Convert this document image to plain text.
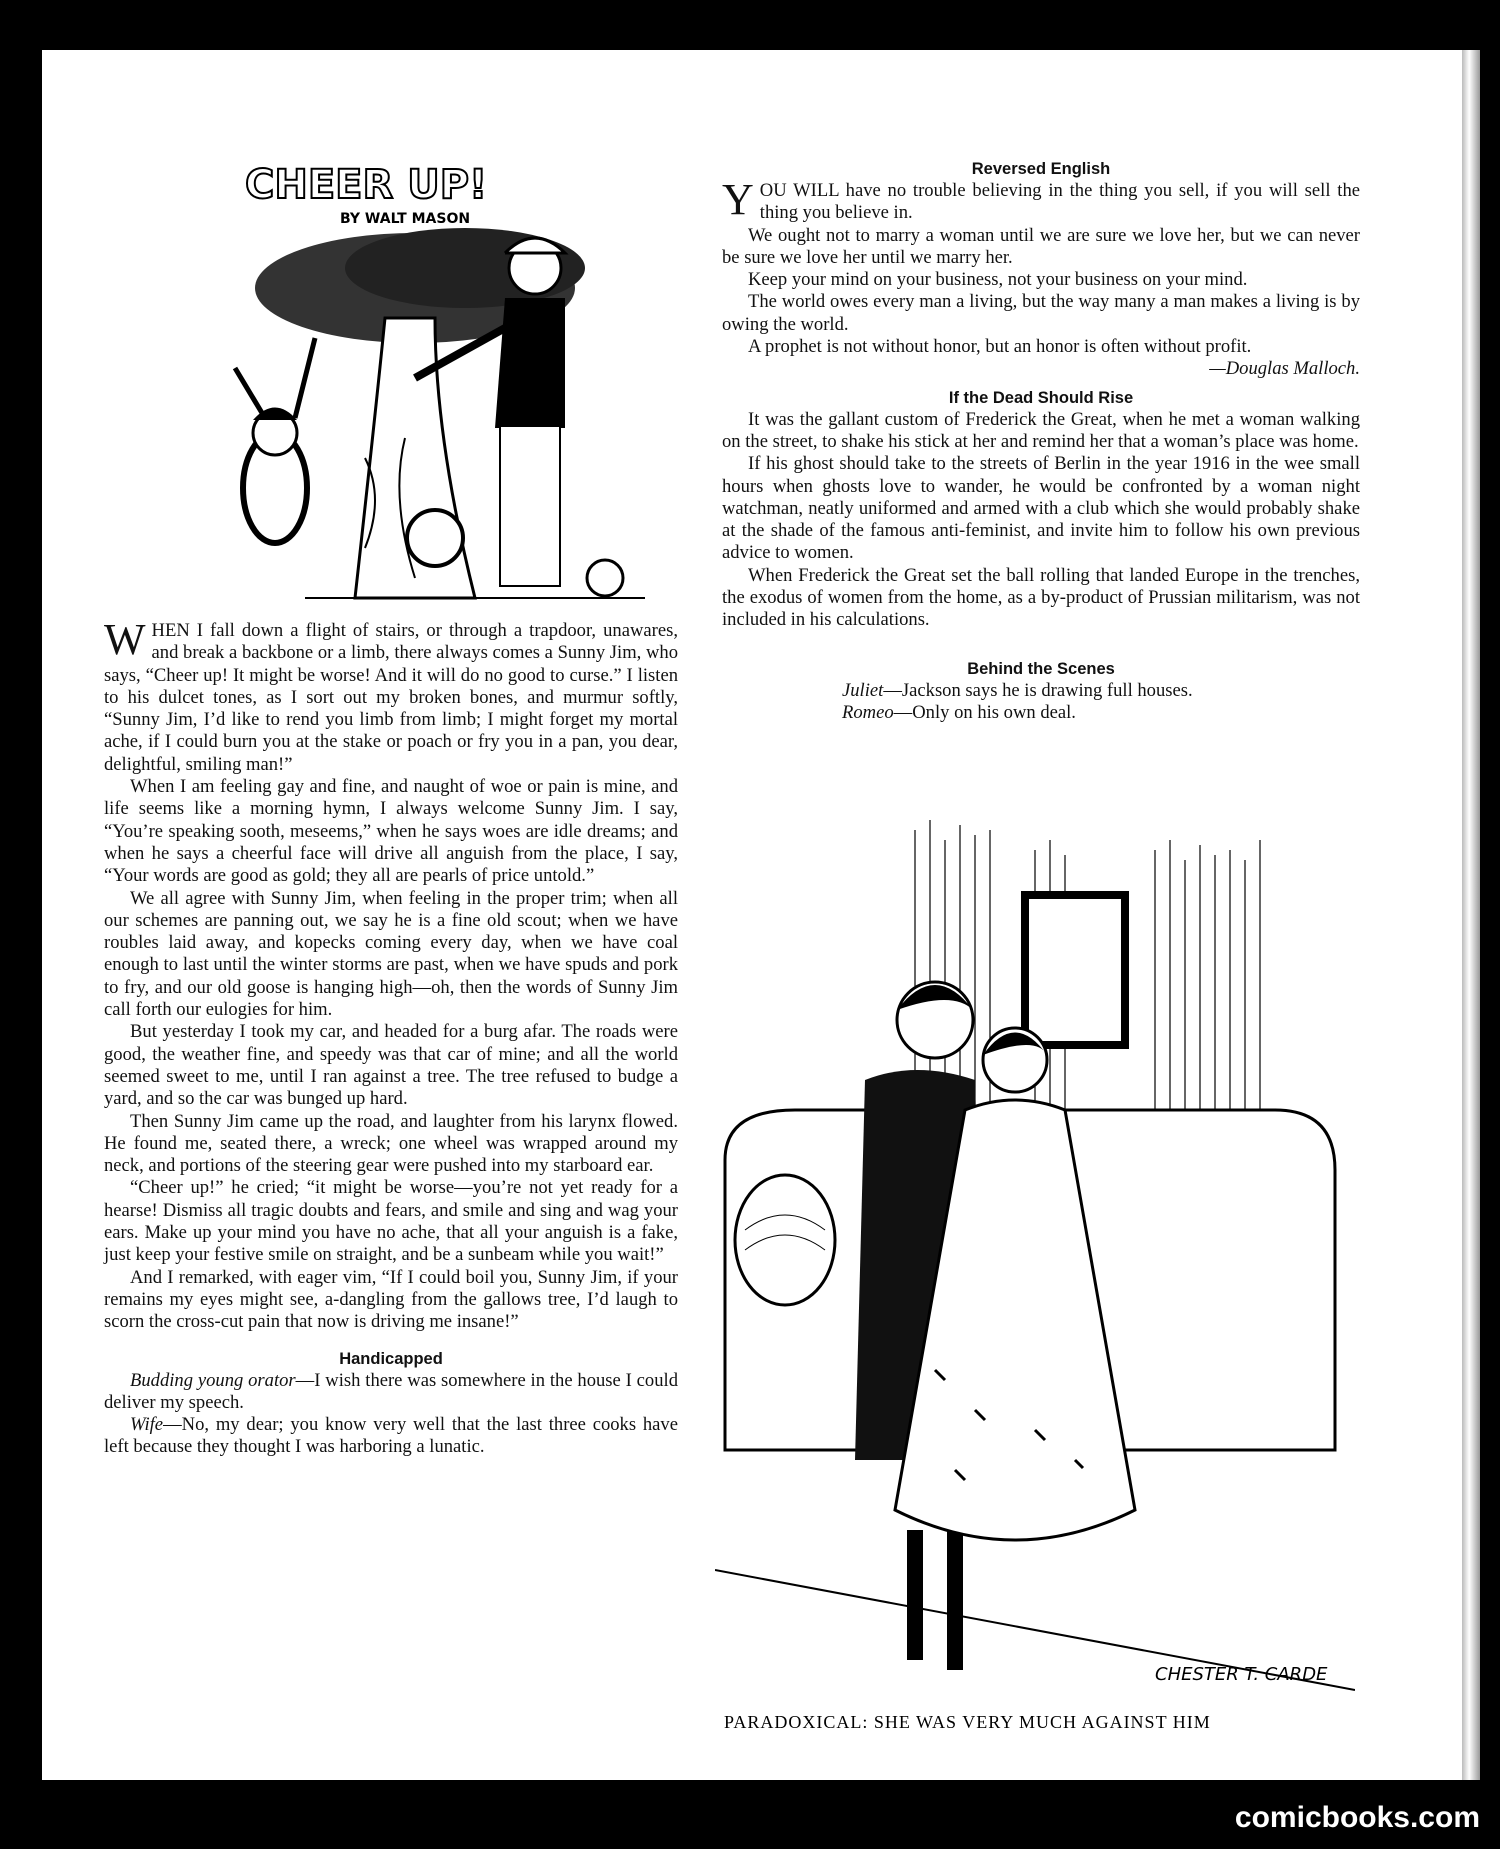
CHEER UP!
BY WALT MASON

WHEN I fall down a flight of stairs, or through a trapdoor, unawares, and break a backbone or a limb, there always comes a Sunny Jim, who says, “Cheer up! It might be worse! And it will do no good to curse.” I listen to his dulcet tones, as I sort out my broken bones, and murmur softly, “Sunny Jim, I’d like to rend you limb from limb; I might forget my mortal ache, if I could burn you at the stake or poach or fry you in a pan, you dear, delightful, smiling man!”

When I am feeling gay and fine, and naught of woe or pain is mine, and life seems like a morning hymn, I always welcome Sunny Jim. I say, “You’re speaking sooth, meseems,” when he says woes are idle dreams; and when he says a cheerful face will drive all anguish from the place, I say, “Your words are good as gold; they all are pearls of price untold.”

We all agree with Sunny Jim, when feeling in the proper trim; when all our schemes are panning out, we say he is a fine old scout; when we have roubles laid away, and kopecks coming every day, when we have coal enough to last until the winter storms are past, when we have spuds and pork to fry, and our old goose is hanging high—oh, then the words of Sunny Jim call forth our eulogies for him.

But yesterday I took my car, and headed for a burg afar. The roads were good, the weather fine, and speedy was that car of mine; and all the world seemed sweet to me, until I ran against a tree. The tree refused to budge a yard, and so the car was bunged up hard.

Then Sunny Jim came up the road, and laughter from his larynx flowed. He found me, seated there, a wreck; one wheel was wrapped around my neck, and portions of the steering gear were pushed into my starboard ear.

“Cheer up!” he cried; “it might be worse—you’re not yet ready for a hearse! Dismiss all tragic doubts and fears, and smile and sing and wag your ears. Make up your mind you have no ache, that all your anguish is a fake, just keep your festive smile on straight, and be a sunbeam while you wait!”

And I remarked, with eager vim, “If I could boil you, Sunny Jim, if your remains my eyes might see, a-dangling from the gallows tree, I’d laugh to scorn the cross-cut pain that now is driving me insane!”

Handicapped

Budding young orator—I wish there was somewhere in the house I could deliver my speech.

Wife—No, my dear; you know very well that the last three cooks have left because they thought I was harboring a lunatic.

Reversed English

YOU WILL have no trouble believing in the thing you sell, if you will sell the thing you believe in.

We ought not to marry a woman until we are sure we love her, but we can never be sure we love her until we marry her.

Keep your mind on your business, not your business on your mind.

The world owes every man a living, but the way many a man makes a living is by owing the world.

A prophet is not without honor, but an honor is often without profit.

—Douglas Malloch.

If the Dead Should Rise

It was the gallant custom of Frederick the Great, when he met a woman walking on the street, to shake his stick at her and remind her that a woman’s place was home.

If his ghost should take to the streets of Berlin in the year 1916 in the wee small hours when ghosts love to wander, he would be confronted by a woman night watchman, neatly uniformed and armed with a club which she would probably shake at the shade of the famous anti-feminist, and invite him to follow his own previous advice to women.

When Frederick the Great set the ball rolling that landed Europe in the trenches, the exodus of women from the home, as a by-product of Prussian militarism, was not included in his calculations.

Behind the Scenes

Juliet—Jackson says he is drawing full houses.

Romeo—Only on his own deal.

CHESTER T. CARDE
PARADOXICAL: SHE WAS VERY MUCH AGAINST HIM
comicbooks.com
